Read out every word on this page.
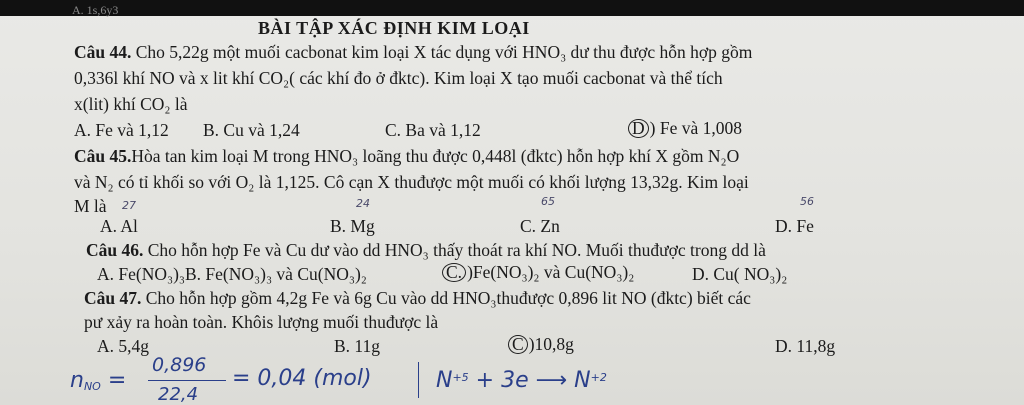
A. 1s,6y3
BÀI TẬP XÁC ĐỊNH KIM LOẠI
Câu 44. Cho 5,22g một muối cacbonat kim loại X tác dụng với HNO₃ dư thu được hỗn hợp gồm
0,336l khí NO và x lit khí CO₂( các khí đo ở đktc). Kim loại X tạo muối cacbonat và thể tích
x(lit) khí CO₂ là
A. Fe và 1,12 B. Cu và 1,24	C. Ba và 1,12	D ) Fe và 1,008
Câu 45.Hòa tan kim loại M trong HNO₃ loãng thu được 0,448l (đktc) hỗn hợp khí X gồm N₂O
và N₂ có tỉ khối so với O₂ là 1,125. Cô cạn X thuđược một muối có khối lượng 13,32g. Kim loại
M là 27	24	65	56
A. Al	B. Mg	C. Zn	D. Fe
Câu 46. Cho hỗn hợp Fe và Cu dư vào dd HNO₃ thấy thoát ra khí NO. Muối thuđược trong dd là
A. Fe(NO₃)₃ B. Fe(NO₃)₃ và Cu(NO₃)₂	C. )Fe(NO₃)₂ và Cu(NO₃)₂	D. Cu( NO₃)₂
Câu 47. Cho hỗn hợp gồm 4,2g Fe và 6g Cu vào dd HNO₃thuđược 0,896 lit NO (đktc) biết các
pư xảy ra hoàn toàn. Khôis lượng muối thuđược là
A. 5,4g	B. 11g	C )10,8g	D. 11,8g
$n_{NO}$ =
0,896
22,4
= 0,04 (mol)	$N^{+5} + 3e$ ⟶ $N^{+2}$
